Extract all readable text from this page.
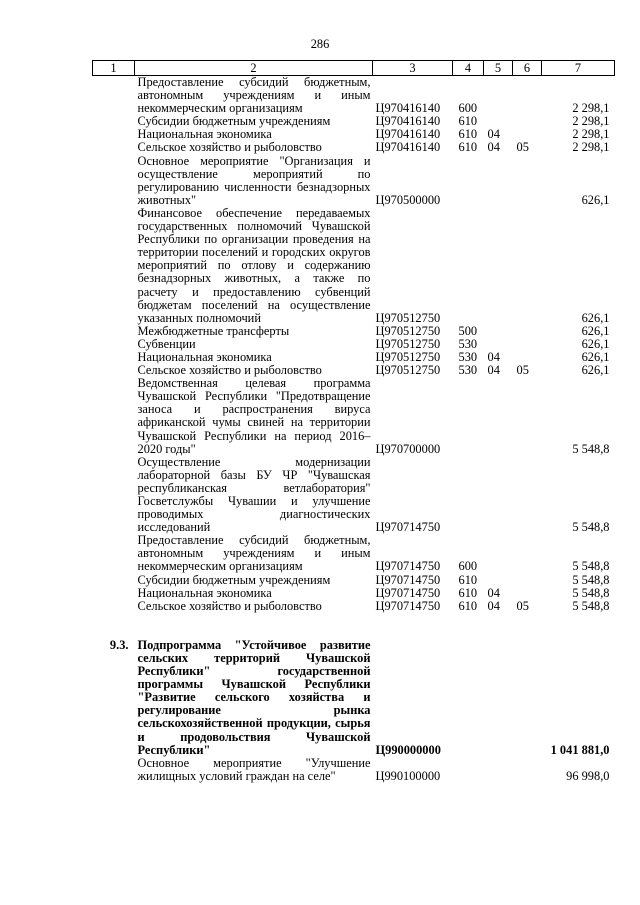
286
1	2	3	4	5	6	7
	Предоставление субсидий бюджетным, автономным учреждениям и иным некоммерческим организациям	Ц970416140	600			2 298,1
	Субсидии бюджетным учреждениям	Ц970416140	610			2 298,1
	Национальная экономика	Ц970416140	610	04		2 298,1
	Сельское хозяйство и рыболовство	Ц970416140	610	04	05	2 298,1
	Основное мероприятие "Организация и осуществление мероприятий по регулированию численности безнадзорных животных"	Ц970500000				626,1
	Финансовое обеспечение передаваемых государственных полномочий Чувашской Республики по организации проведения на территории поселений и городских округов мероприятий по отлову и содержанию безнадзорных животных, а также по расчету и предоставлению субвенций бюджетам поселений на осуществление указанных полномочий	Ц970512750				626,1
	Межбюджетные трансферты	Ц970512750	500			626,1
	Субвенции	Ц970512750	530			626,1
	Национальная экономика	Ц970512750	530	04		626,1
	Сельское хозяйство и рыболовство	Ц970512750	530	04	05	626,1
	Ведомственная целевая программа Чувашской Республики "Предотвращение заноса и распространения вируса африканской чумы свиней на территории Чувашской Республики на период 2016–2020 годы"	Ц970700000				5 548,8
	Осуществление модернизации лабораторной базы БУ ЧР "Чувашская республиканская ветлаборатория" Госветслужбы Чувашии и улучшение проводимых диагностических исследований	Ц970714750				5 548,8
	Предоставление субсидий бюджетным, автономным учреждениям и иным некоммерческим организациям	Ц970714750	600			5 548,8
	Субсидии бюджетным учреждениям	Ц970714750	610			5 548,8
	Национальная экономика	Ц970714750	610	04		5 548,8
	Сельское хозяйство и рыболовство	Ц970714750	610	04	05	5 548,8

9.3.	Подпрограмма "Устойчивое развитие сельских территорий Чувашской Республики" государственной программы Чувашской Республики "Развитие сельского хозяйства и регулирование рынка сельскохозяйственной продукции, сырья и продовольствия Чувашской Республики"	Ц990000000				1 041 881,0
	Основное мероприятие "Улучшение жилищных условий граждан на селе"	Ц990100000				96 998,0
